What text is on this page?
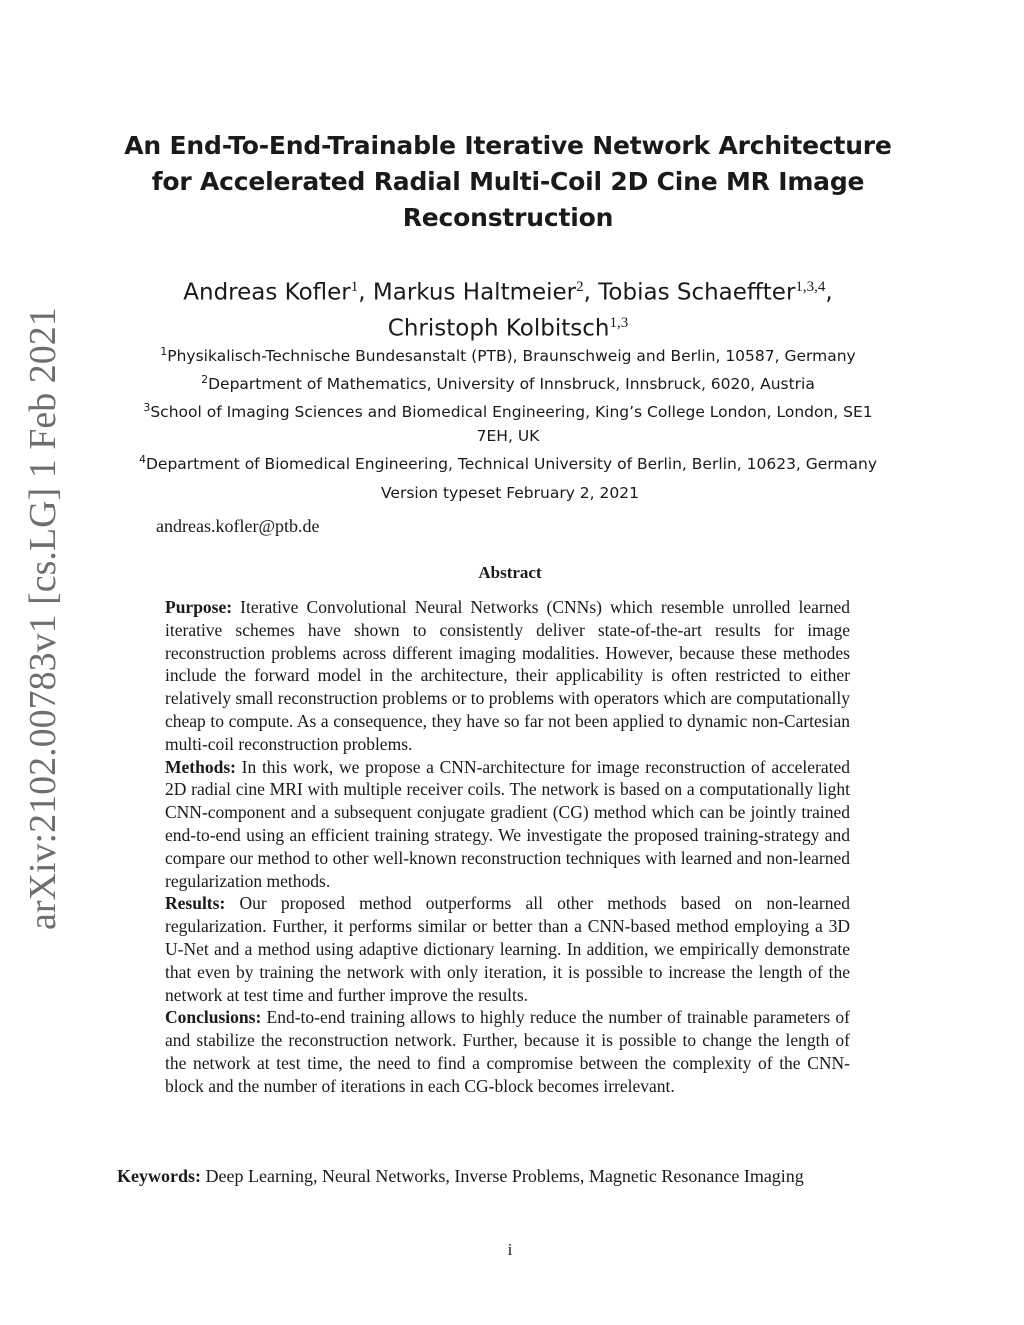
arXiv:2102.00783v1 [cs.LG] 1 Feb 2021
An End-To-End-Trainable Iterative Network Architecture
for Accelerated Radial Multi-Coil 2D Cine MR Image
Reconstruction
Andreas Kofler$^1$, Markus Haltmeier$^2$, Tobias Schaeffter$^{1,3,4}$,
Christoph Kolbitsch$^{1,3}$
$^1$Physikalisch-Technische Bundesanstalt (PTB), Braunschweig and Berlin, 10587, Germany
$^2$Department of Mathematics, University of Innsbruck, Innsbruck, 6020, Austria
$^3$School of Imaging Sciences and Biomedical Engineering, King’s College London, London, SE1
7EH, UK
$^4$Department of Biomedical Engineering, Technical University of Berlin, Berlin, 10623, Germany
Version typeset February 2, 2021
andreas.kofler@ptb.de
Abstract

Purpose: Iterative Convolutional Neural Networks (CNNs) which resemble unrolled learned iterative schemes have shown to consistently deliver state-of-the-art results for image reconstruction problems across different imaging modalities. However, because these methodes include the forward model in the architecture, their applicability is often restricted to either relatively small reconstruction problems or to problems with operators which are computationally cheap to compute. As a consequence, they have so far not been applied to dynamic non-Cartesian multi-coil reconstruction problems.

Methods: In this work, we propose a CNN-architecture for image reconstruction of accelerated 2D radial cine MRI with multiple receiver coils. The network is based on a computationally light CNN-component and a subsequent conjugate gradient (CG) method which can be jointly trained end-to-end using an efficient training strategy. We investigate the proposed training-strategy and compare our method to other well-known reconstruction techniques with learned and non-learned regularization methods.

Results: Our proposed method outperforms all other methods based on non-learned regularization. Further, it performs similar or better than a CNN-based method employing a 3D U-Net and a method using adaptive dictionary learning. In addition, we empirically demonstrate that even by training the network with only iteration, it is possible to increase the length of the network at test time and further improve the results.

Conclusions: End-to-end training allows to highly reduce the number of trainable parameters of and stabilize the reconstruction network. Further, because it is possible to change the length of the network at test time, the need to find a compromise between the complexity of the CNN-block and the number of iterations in each CG-block becomes irrelevant.

Keywords: Deep Learning, Neural Networks, Inverse Problems, Magnetic Resonance Imaging
i
